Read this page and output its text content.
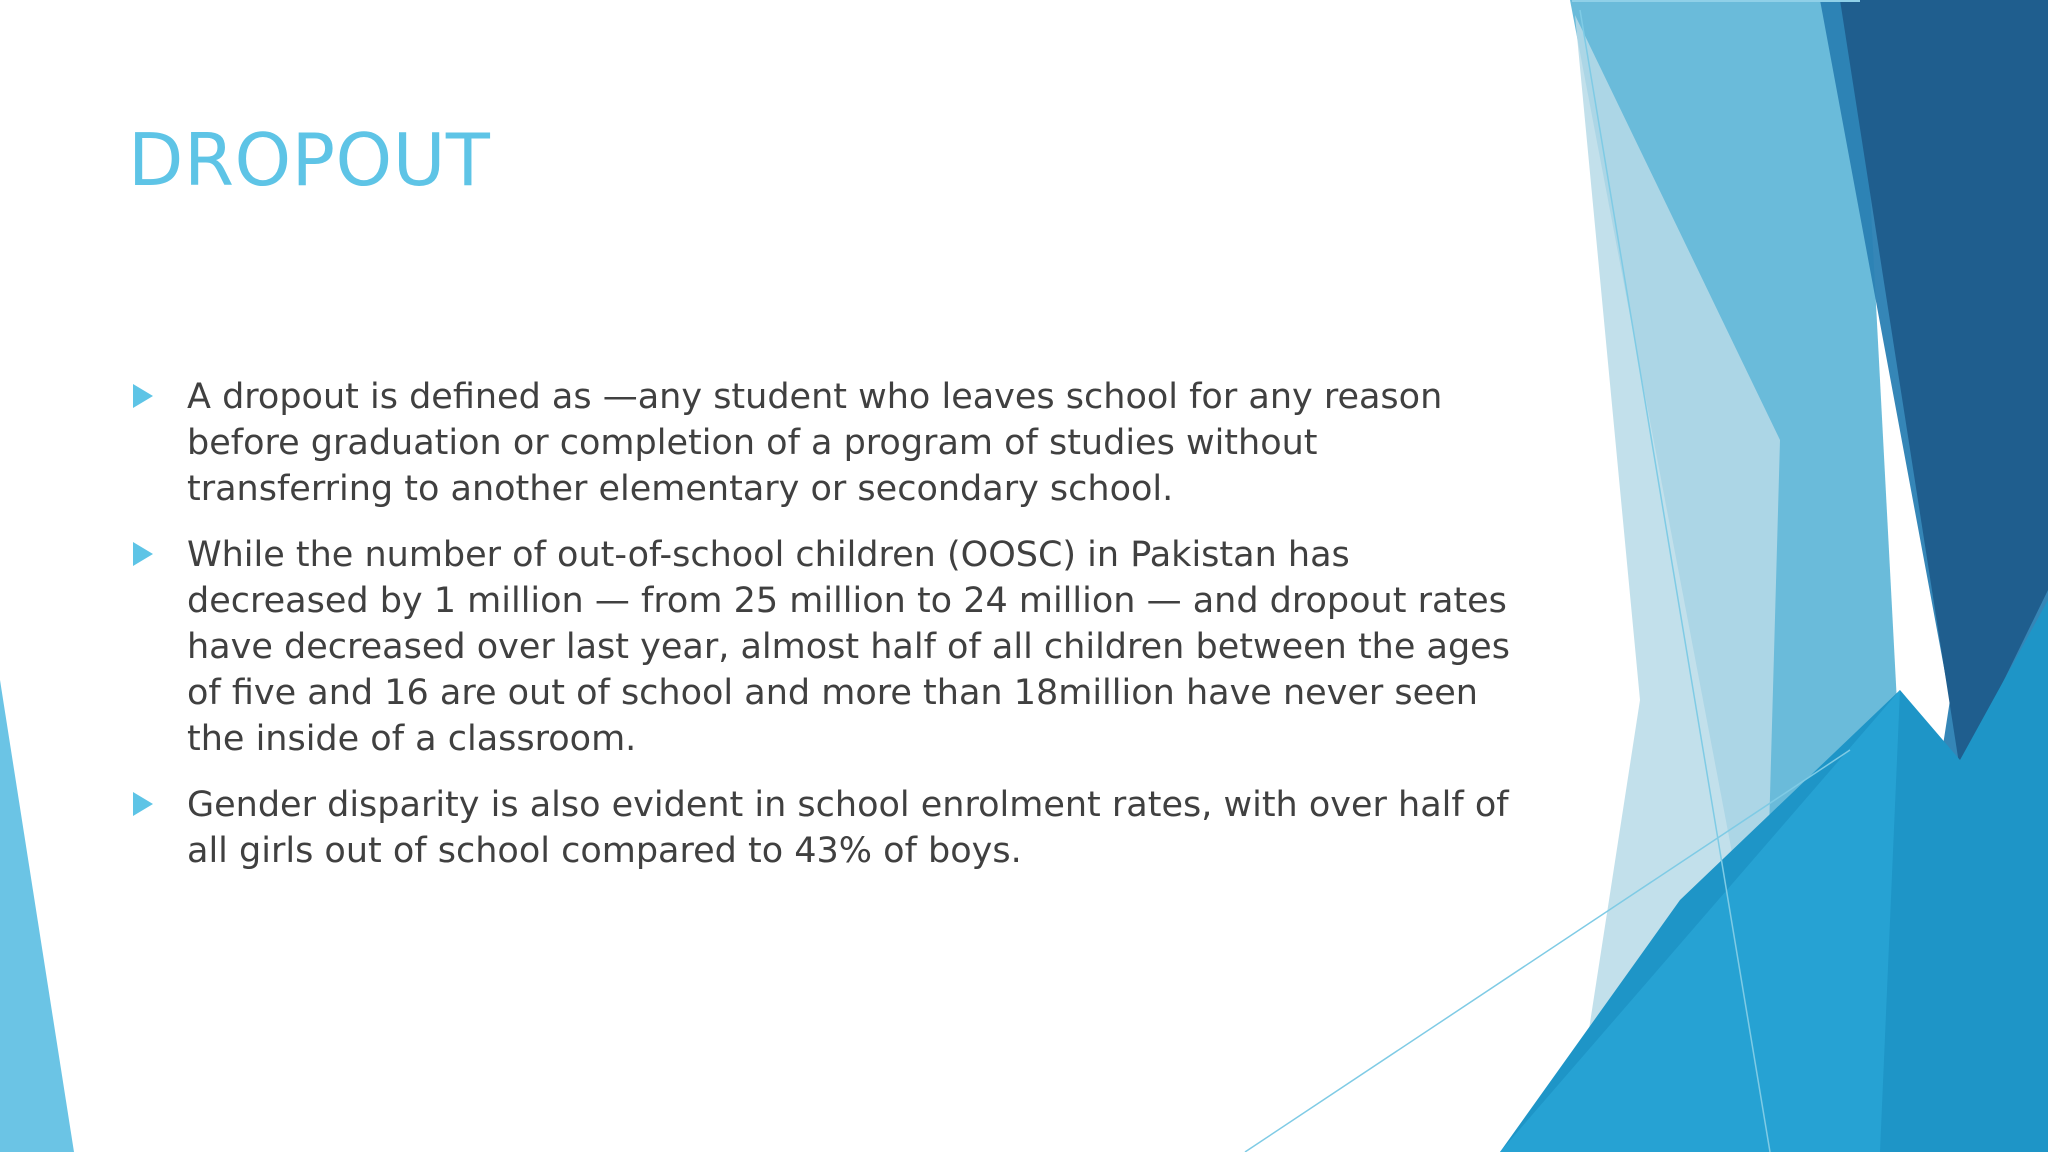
DROPOUT
A dropout is defined as —any student who leaves school for any reason before graduation or completion of a program of studies without transferring to another elementary or secondary school.
While the number of out-of-school children (OOSC) in Pakistan has decreased by 1 million — from 25 million to 24 million — and dropout rates have decreased over last year, almost half of all children between the ages of five and 16 are out of school and more than 18million have never seen the inside of a classroom.
Gender disparity is also evident in school enrolment rates, with over half of all girls out of school compared to 43% of boys.
